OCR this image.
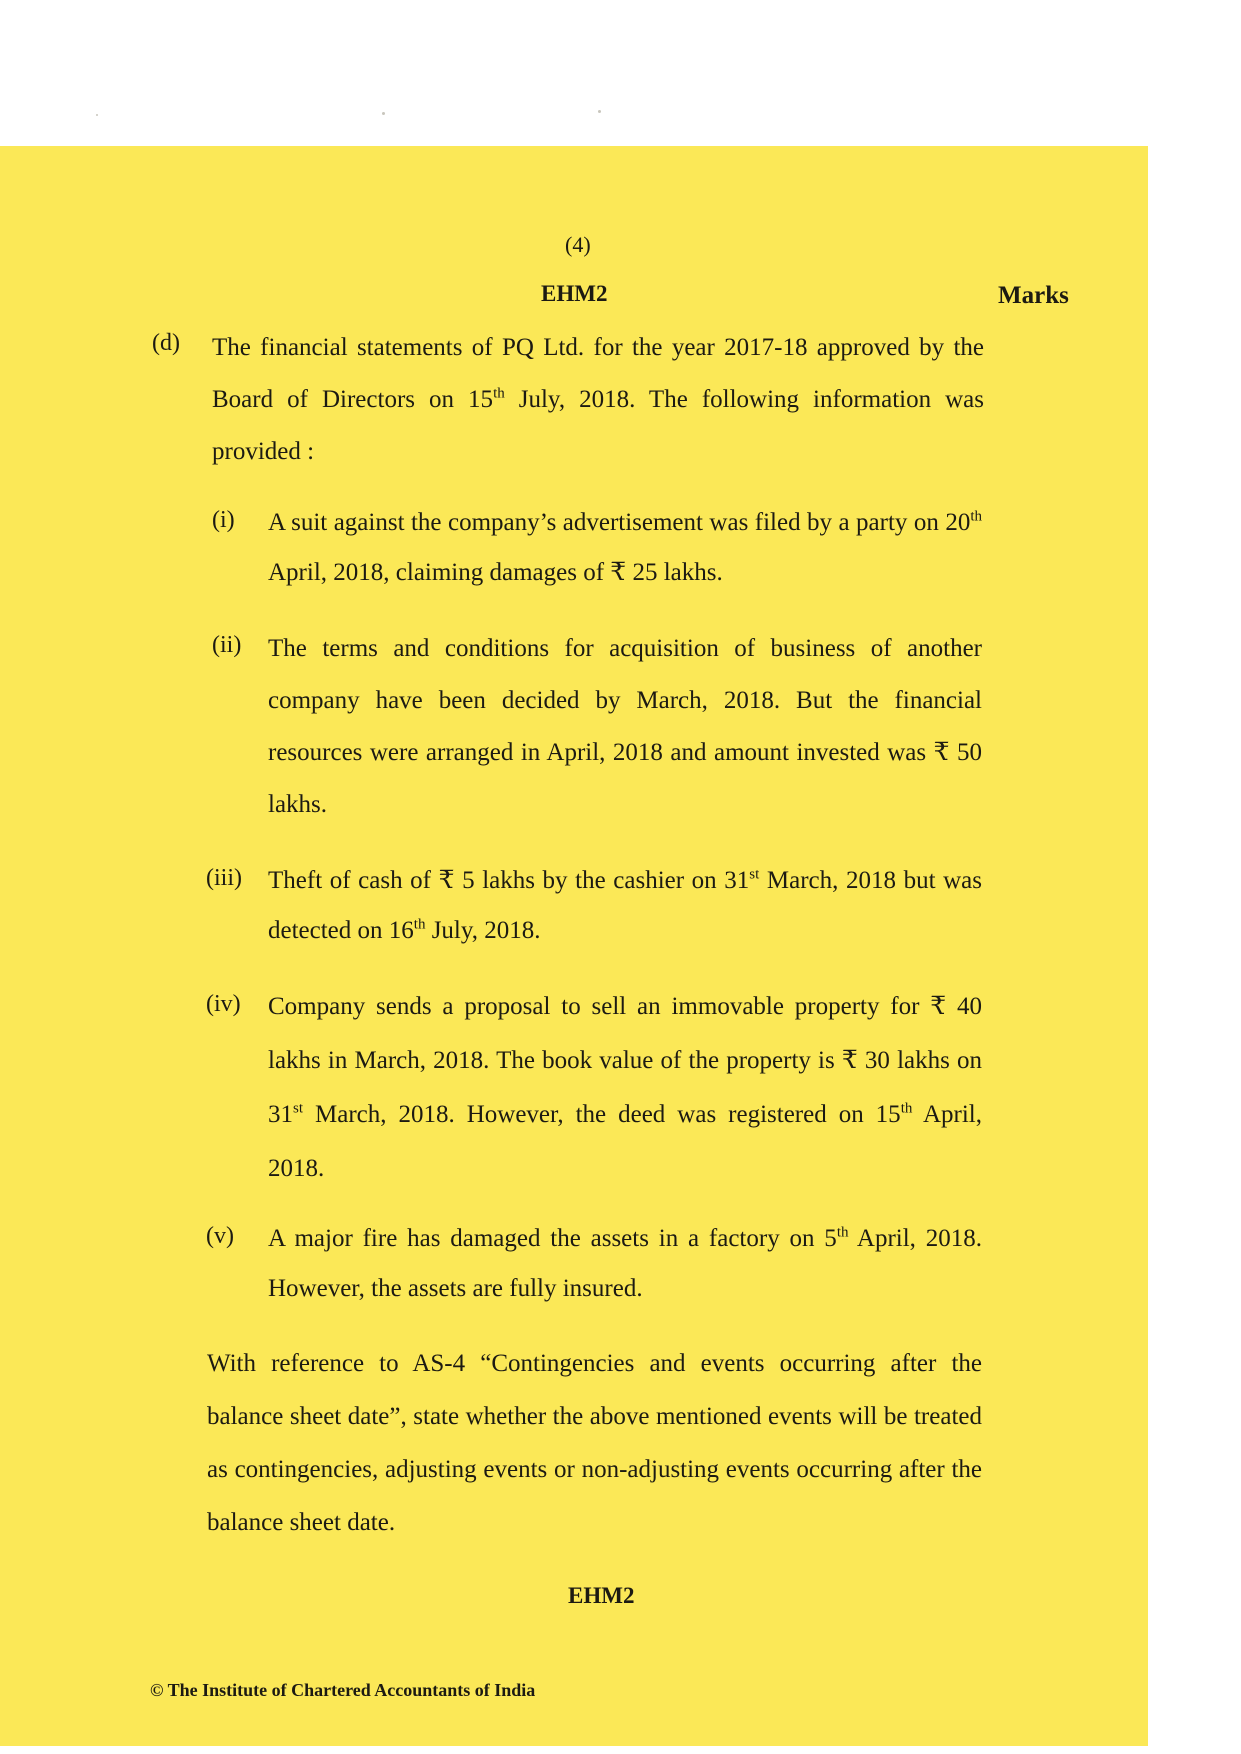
(4)
EHM2	Marks
(d) The financial statements of PQ Ltd. for the year 2017-18 approved by the Board of Directors on 15th July, 2018. The following information was provided :
(i) A suit against the company’s advertisement was filed by a party on 20th April, 2018, claiming damages of ₹ 25 lakhs.
(ii) The terms and conditions for acquisition of business of another company have been decided by March, 2018. But the financial resources were arranged in April, 2018 and amount invested was ₹ 50 lakhs.
(iii) Theft of cash of ₹ 5 lakhs by the cashier on 31st March, 2018 but was detected on 16th July, 2018.
(iv) Company sends a proposal to sell an immovable property for ₹ 40 lakhs in March, 2018. The book value of the property is ₹ 30 lakhs on 31st March, 2018. However, the deed was registered on 15th April, 2018.
(v) A major fire has damaged the assets in a factory on 5th April, 2018. However, the assets are fully insured.
With reference to AS-4 “Contingencies and events occurring after the balance sheet date”, state whether the above mentioned events will be treated as contingencies, adjusting events or non-adjusting events occurring after the balance sheet date.
EHM2
© The Institute of Chartered Accountants of India
